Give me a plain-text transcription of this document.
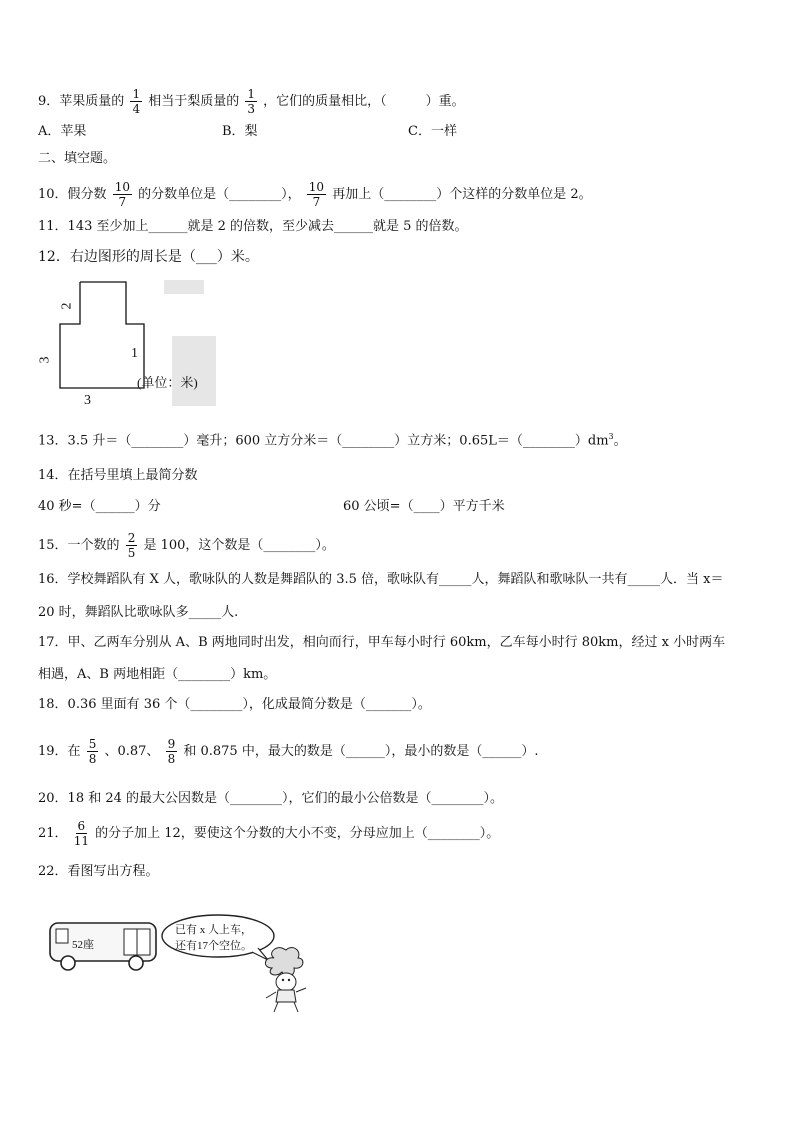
9．苹果质量的 $\frac{1}{4}$ 相当于梨质量的 $\frac{1}{3}$ ，它们的质量相比，（　　　）重。
A．苹果	B．梨	C．一样
二、填空题。
10．假分数 $\frac{10}{7}$ 的分数单位是（________）， $\frac{10}{7}$ 再加上（________）个这样的分数单位是 2。
11．143 至少加上______就是 2 的倍数，至少减去______就是 5 的倍数。
12．右边图形的周长是（___）米。
2
3
3
1
(单位：米)
13．3.5 升＝（________）毫升；600 立方分米＝（________）立方米；$0.65L=(\_\_\_\_\_\_\_\_)dm^3$。
14．在括号里填上最简分数
40 秒=（______）分	60 公顷=（____）平方千米
15．一个数的 $\frac{2}{5}$ 是 100，这个数是（________）。
16．学校舞蹈队有 X 人，歌咏队的人数是舞蹈队的 3.5 倍，歌咏队有_____人，舞蹈队和歌咏队一共有_____人．当 x＝
20 时，舞蹈队比歌咏队多_____人.
17．甲、乙两车分别从 A、B 两地同时出发，相向而行，甲车每小时行 60km，乙车每小时行 80km，经过 x 小时两车
相遇，A、B 两地相距（________）km。
18．0.36 里面有 36 个（________），化成最简分数是（_______）。
19．在 $\frac{5}{8}$ 、0.87、 $\frac{9}{8}$ 和 0.875 中，最大的数是（______），最小的数是（______）.
20．18 和 24 的最大公因数是（________），它们的最小公倍数是（________）。
21． $\frac{6}{11}$ 的分子加上 12，要使这个分数的大小不变，分母应加上（________）。
22．看图写出方程。
52座
已有 x 人上车，
还有17个空位。
